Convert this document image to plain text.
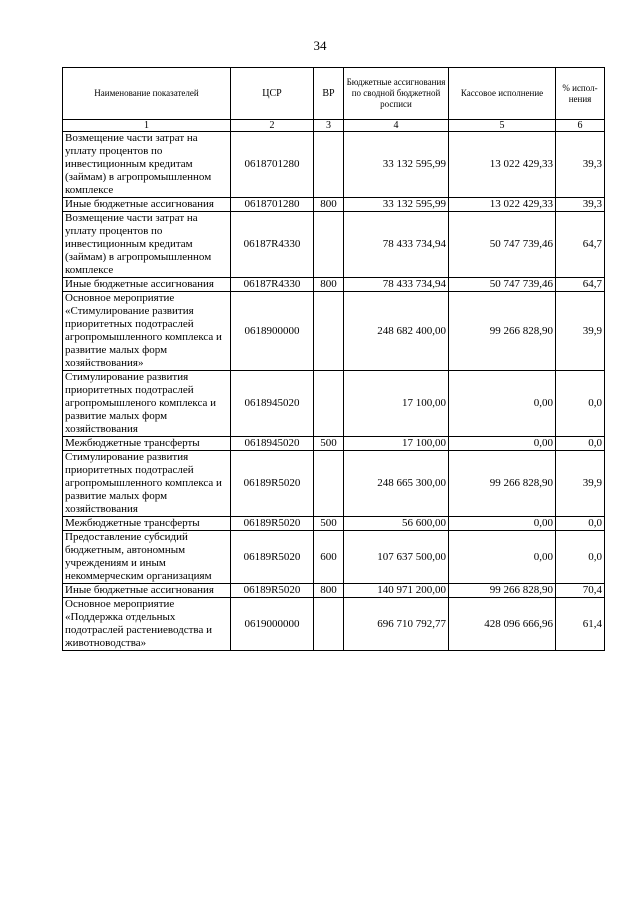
34
Наименование показателей	ЦСР	ВР	Бюджетные ассигнования по сводной бюджетной росписи	Кассовое исполнение	% испол-нения
1	2	3	4	5	6
Возмещение части затрат на уплату процентов по инвестиционным кредитам (займам) в агропромышленном комплексе	0618701280		33 132 595,99	13 022 429,33	39,3
Иные бюджетные ассигнования	0618701280	800	33 132 595,99	13 022 429,33	39,3
Возмещение части затрат на уплату процентов по инвестиционным кредитам (займам) в агропромышленном комплексе	06187R4330		78 433 734,94	50 747 739,46	64,7
Иные бюджетные ассигнования	06187R4330	800	78 433 734,94	50 747 739,46	64,7
Основное мероприятие «Стимулирование развития приоритетных подотраслей агропромышленного комплекса и развитие малых форм хозяйствования»	0618900000		248 682 400,00	99 266 828,90	39,9
Стимулирование развития приоритетных подотраслей агропромышленого комплекса и развитие малых форм хозяйствования	0618945020		17 100,00	0,00	0,0
Межбюджетные трансферты	0618945020	500	17 100,00	0,00	0,0
Стимулирование развития приоритетных подотраслей агропромышленного комплекса и развитие малых форм хозяйствования	06189R5020		248 665 300,00	99 266 828,90	39,9
Межбюджетные трансферты	06189R5020	500	56 600,00	0,00	0,0
Предоставление субсидий бюджетным, автономным учреждениям и иным некоммерческим организациям	06189R5020	600	107 637 500,00	0,00	0,0
Иные бюджетные ассигнования	06189R5020	800	140 971 200,00	99 266 828,90	70,4
Основное мероприятие «Поддержка отдельных подотраслей растениеводства и животноводства»	0619000000		696 710 792,77	428 096 666,96	61,4
